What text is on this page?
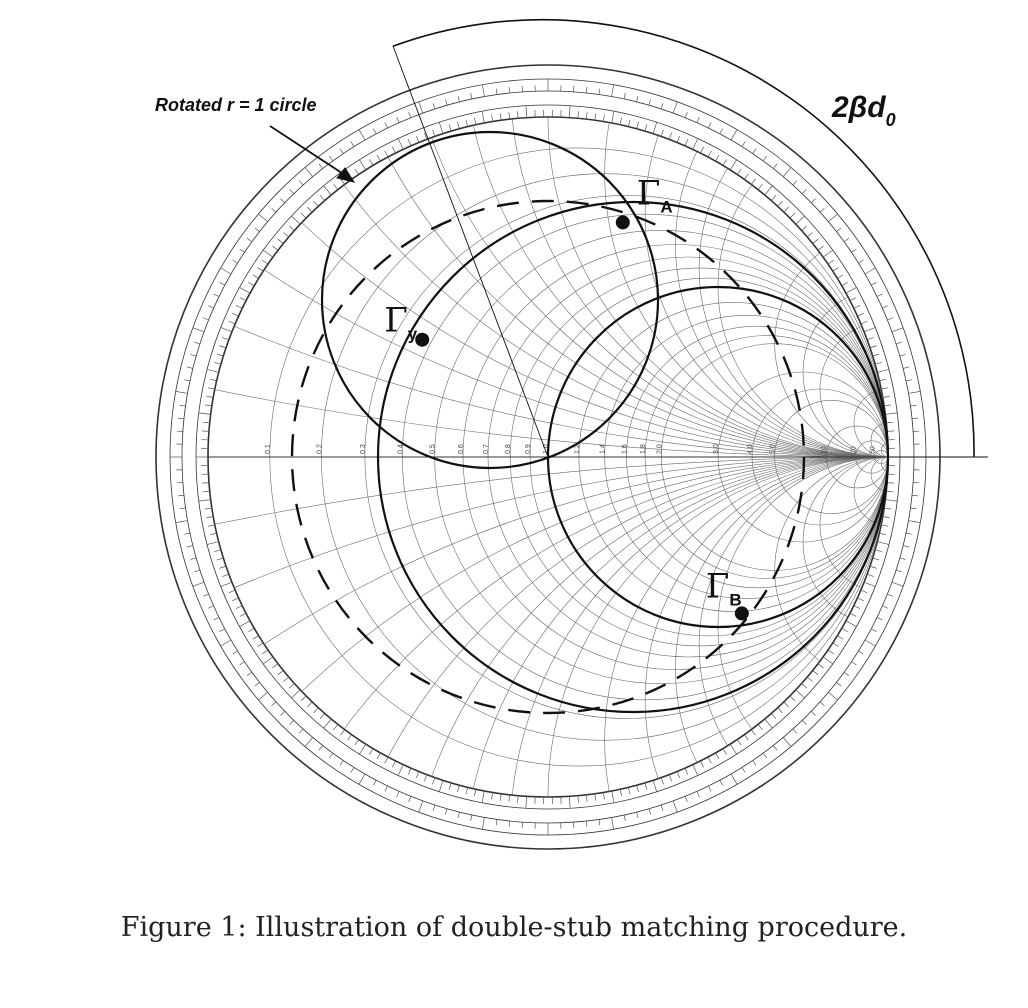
0.1	0.2	0.3	0.4	0.5	0.6	0.7 0.8 0.9 1.0	1.2	1.4 1.6 1.8 2.0	3.0	4.0 5.0	10	20 50
Rotated r = 1 circle	$2\beta d_0$
$\Gamma_y$
$\Gamma_A$
$\Gamma_B$
Figure 1: Illustration of double-stub matching procedure.
